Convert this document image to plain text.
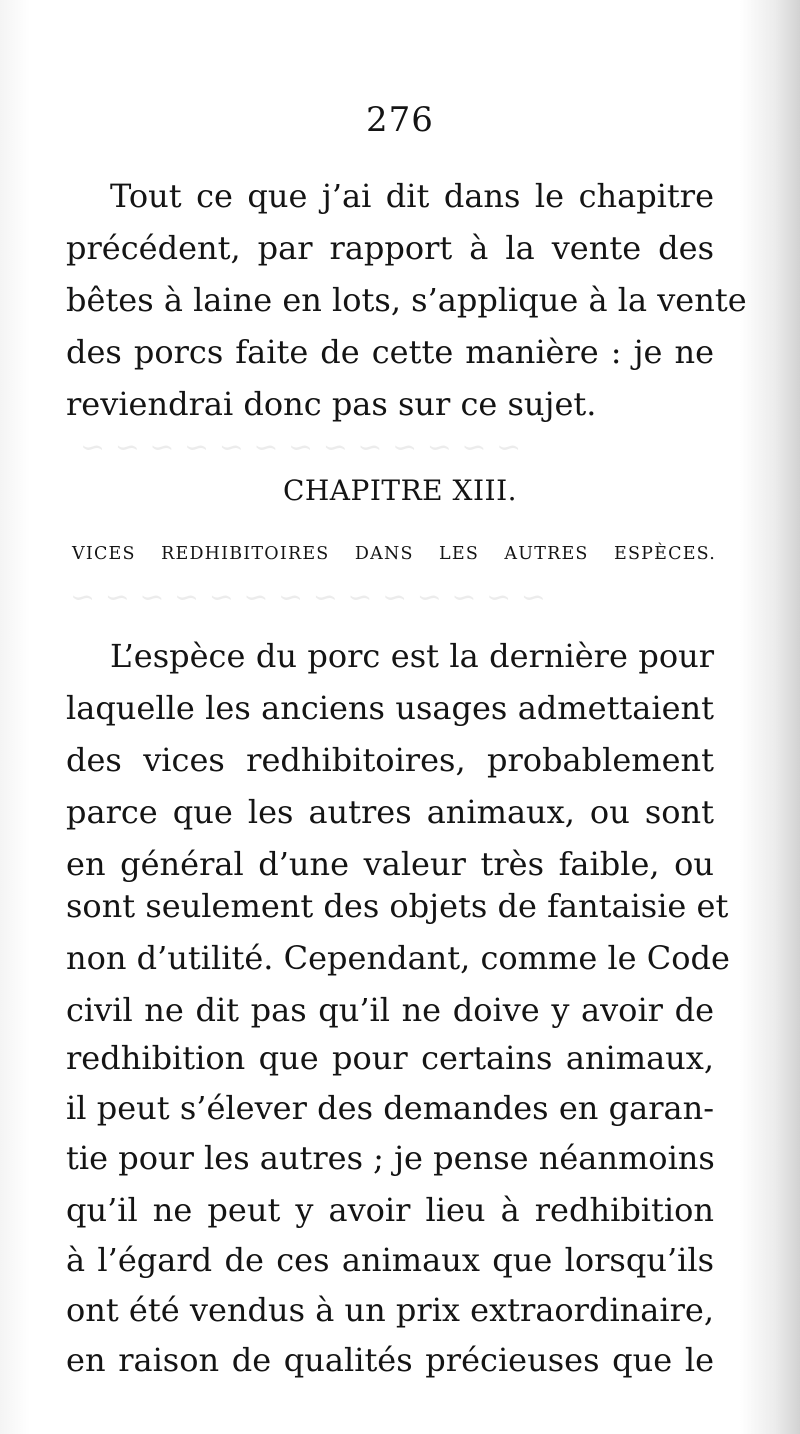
~ ~ ~ ~ ~ ~ ~ ~ ~ ~ ~ ~ ~
~ ~ ~ ~ ~ ~ ~ ~ ~ ~ ~ ~ ~ ~
276
Tout ce que j’ai dit dans le chapitre
précédent, par rapport à la vente des
bêtes à laine en lots, s’applique à la vente
des porcs faite de cette manière : je ne
reviendrai donc pas sur ce sujet.
CHAPITRE XIII.
VICES REDHIBITOIRES DANS LES AUTRES ESPÈCES.
L’espèce du porc est la dernière pour
laquelle les anciens usages admettaient
des vices redhibitoires, probablement
parce que les autres animaux, ou sont
en général d’une valeur très faible, ou
sont seulement des objets de fantaisie et
non d’utilité. Cependant, comme le Code
civil ne dit pas qu’il ne doive y avoir de
redhibition que pour certains animaux,
il peut s’élever des demandes en garan-
tie pour les autres ; je pense néanmoins
qu’il ne peut y avoir lieu à redhibition
à l’égard de ces animaux que lorsqu’ils
ont été vendus à un prix extraordinaire,
en raison de qualités précieuses que le
